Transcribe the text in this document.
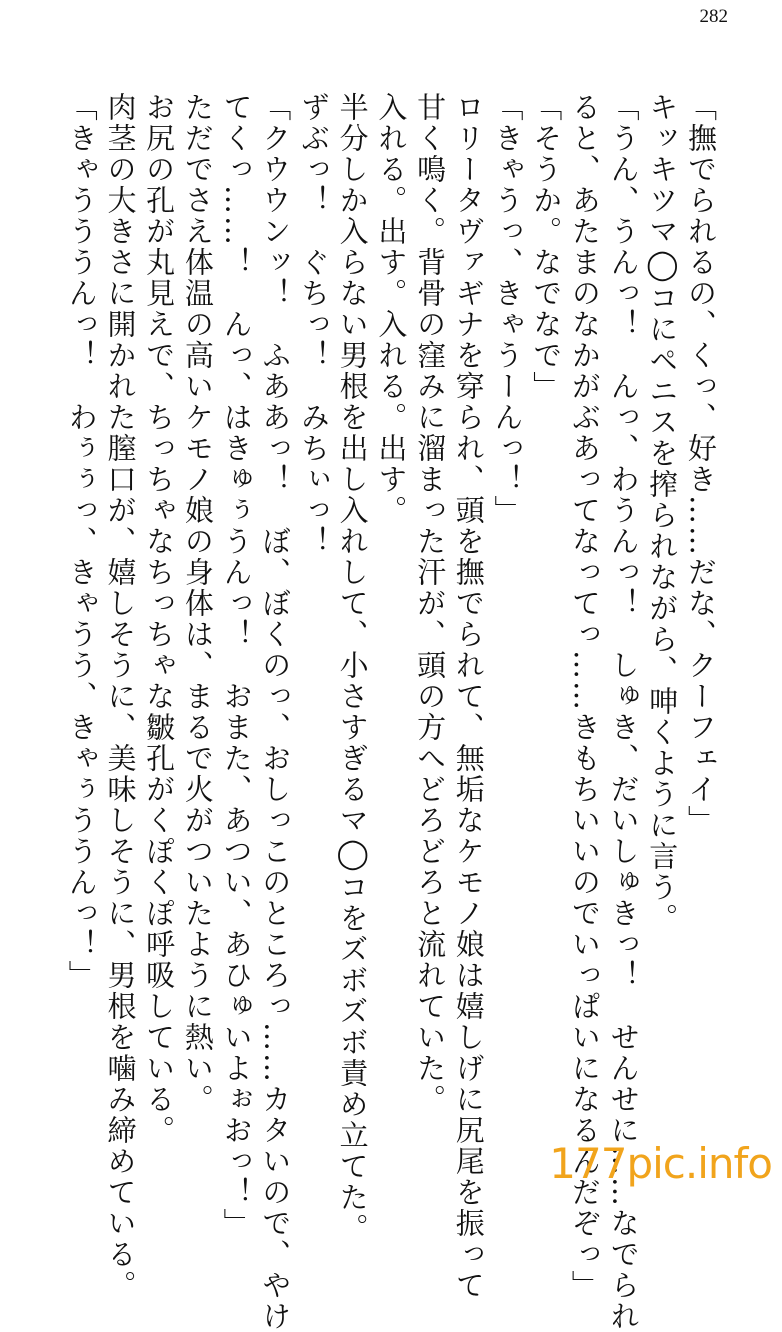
282

「撫でられるの、くっ、好き……だな、クーフェイ」

キッキツマ◯コにペニスを搾られながら、呻くように言う。

「うん、うんっ！　んっ、わうんっ！　しゅき、だいしゅきっ！　せんせに……なでられ

ると、あたまのなかがぶあってなってっ……きもちいいのでいっぱいになるんだぞっ」

「そうか。なでなで」

「きゃうっ、きゃうーんっ！」

ロリータヴァギナを穿られ、頭を撫でられて、無垢なケモノ娘は嬉しげに尻尾を振って

甘く鳴く。背骨の窪みに溜まった汗が、頭の方へどろどろと流れていた。

入れる。出す。入れる。出す。

半分しか入らない男根を出し入れして、小さすぎるマ◯コをズボズボ責め立てた。

ずぶっ！　ぐちっ！　みちぃっ！

「クウウンッ！　ふああっ！　ぼ、ぼくのっ、おしっこのところっ……カタいので、やけ

てくっ……！　んっ、はきゅぅうんっ！　おまた、あつい、あひゅいよぉおっ！」

ただでさえ体温の高いケモノ娘の身体は、まるで火がついたように熱い。

お尻の孔が丸見えで、ちっちゃなちっちゃな皺孔がくぽくぽ呼吸している。

肉茎の大きさに開かれた膣口が、嬉しそうに、美味しそうに、男根を噛み締めている。

「きゃうううんっ！　わぅぅっ、きゃうう、きゃぅううんっ！」

177pic.info
